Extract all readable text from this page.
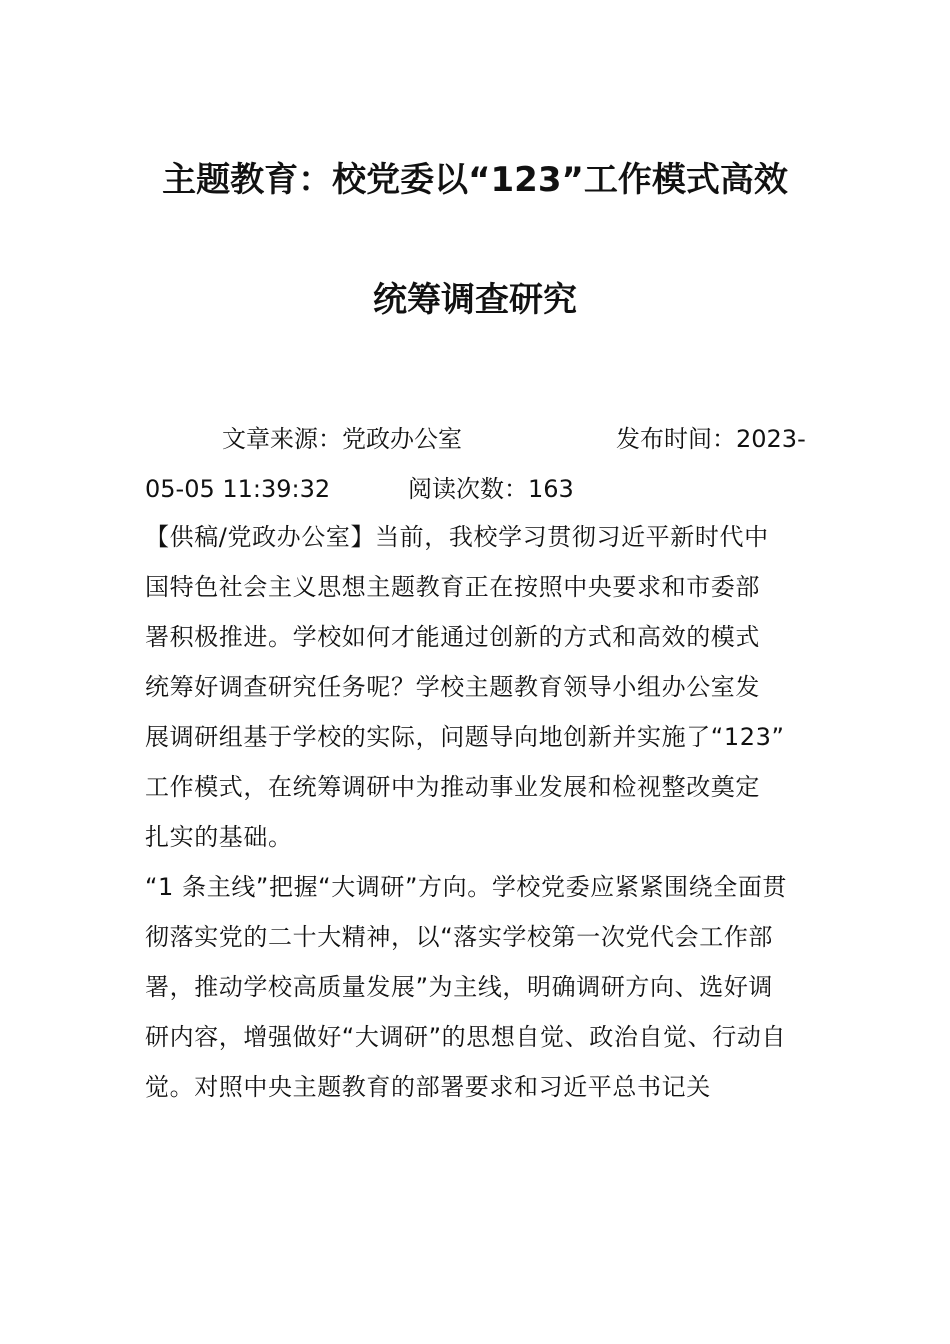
主题教育：校党委以“123”工作模式高效
统筹调查研究
文章来源：党政办公室	发布时间：2023-
05-05 11:39:32	阅读次数：163
【供稿/党政办公室】当前，我校学习贯彻习近平新时代中
国特色社会主义思想主题教育正在按照中央要求和市委部
署积极推进。学校如何才能通过创新的方式和高效的模式
统筹好调查研究任务呢？学校主题教育领导小组办公室发
展调研组基于学校的实际，问题导向地创新并实施了“123”
工作模式，在统筹调研中为推动事业发展和检视整改奠定
扎实的基础。
“1 条主线”把握“大调研”方向。学校党委应紧紧围绕全面贯
彻落实党的二十大精神，以“落实学校第一次党代会工作部
署，推动学校高质量发展”为主线，明确调研方向、选好调
研内容，增强做好“大调研”的思想自觉、政治自觉、行动自
觉。对照中央主题教育的部署要求和习近平总书记关
